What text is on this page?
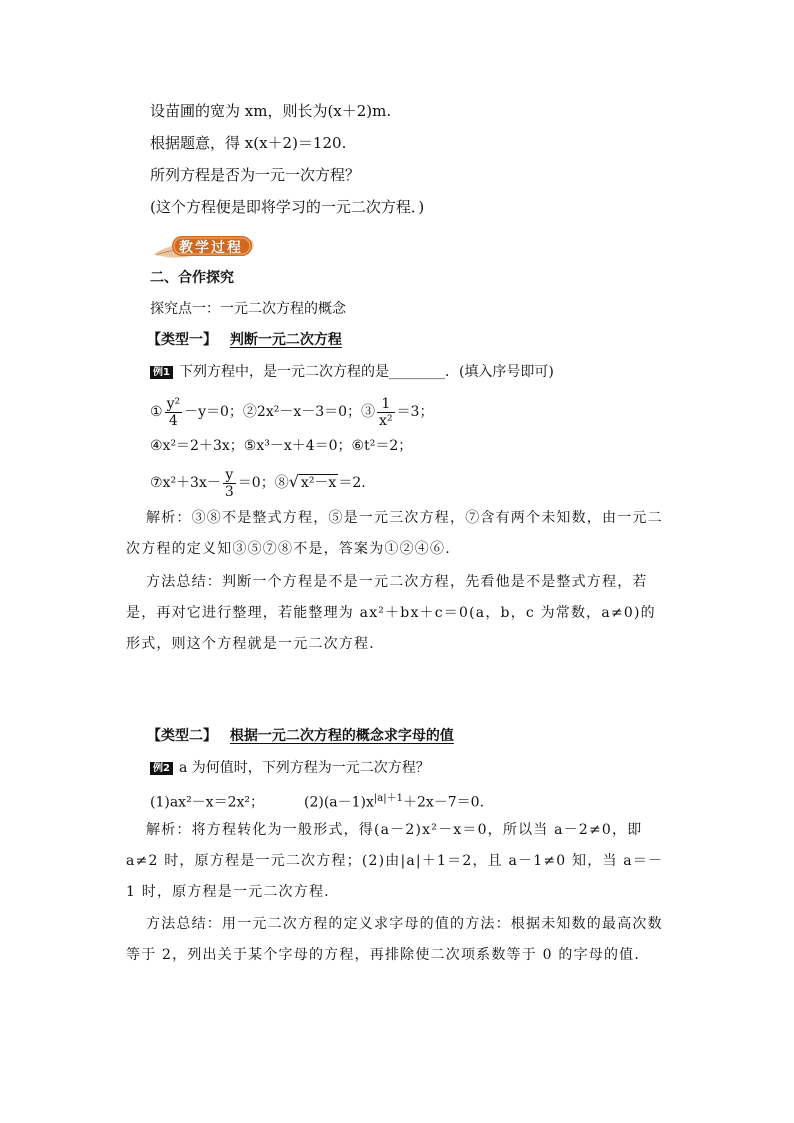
设苗圃的宽为 xm，则长为(x＋2)m.
根据题意，得 x(x＋2)＝120.
所列方程是否为一元一次方程？
(这个方程便是即将学习的一元二次方程．)
教学过程
二、合作探究
探究点一：一元二次方程的概念
【类型一】 判断一元二次方程
例1 下列方程中，是一元二次方程的是________．(填入序号即可)
① $\frac{\text{y²}}{4} -y=0$；②2x²－x－3＝0；③ $\frac{1}{\text{x²}} =3$；
④x²＝2＋3x；⑤x³－x＋4＝0；⑥t²＝2；
⑦x²＋3x－ $\frac{y}{3} =0$；⑧√ x²－x ＝2.
解析：③⑧不是整式方程，⑤是一元三次方程，⑦含有两个未知数，由一元二次方程的定义知③⑤⑦⑧不是，答案为①②④⑥.
方法总结：判断一个方程是不是一元二次方程，先看他是不是整式方程，若是，再对它进行整理，若能整理为 ax²＋bx＋c＝0(a，b，c 为常数，a≠0)的形式，则这个方程就是一元二次方程.
【类型二】 根据一元二次方程的概念求字母的值
例2 a 为何值时，下列方程为一元二次方程？
(1)ax²－x＝2x²；	$(2)(a-1)x^{|a|+1}+2x-7=0$.
解析：将方程转化为一般形式，得(a－2)x²－x＝0，所以当 a－2≠0，即 a≠2 时，原方程是一元二次方程；(2)由|a|＋1＝2，且 a－1≠0 知，当 a＝－1 时，原方程是一元二次方程.
方法总结：用一元二次方程的定义求字母的值的方法：根据未知数的最高次数等于 2，列出关于某个字母的方程，再排除使二次项系数等于 0 的字母的值.
